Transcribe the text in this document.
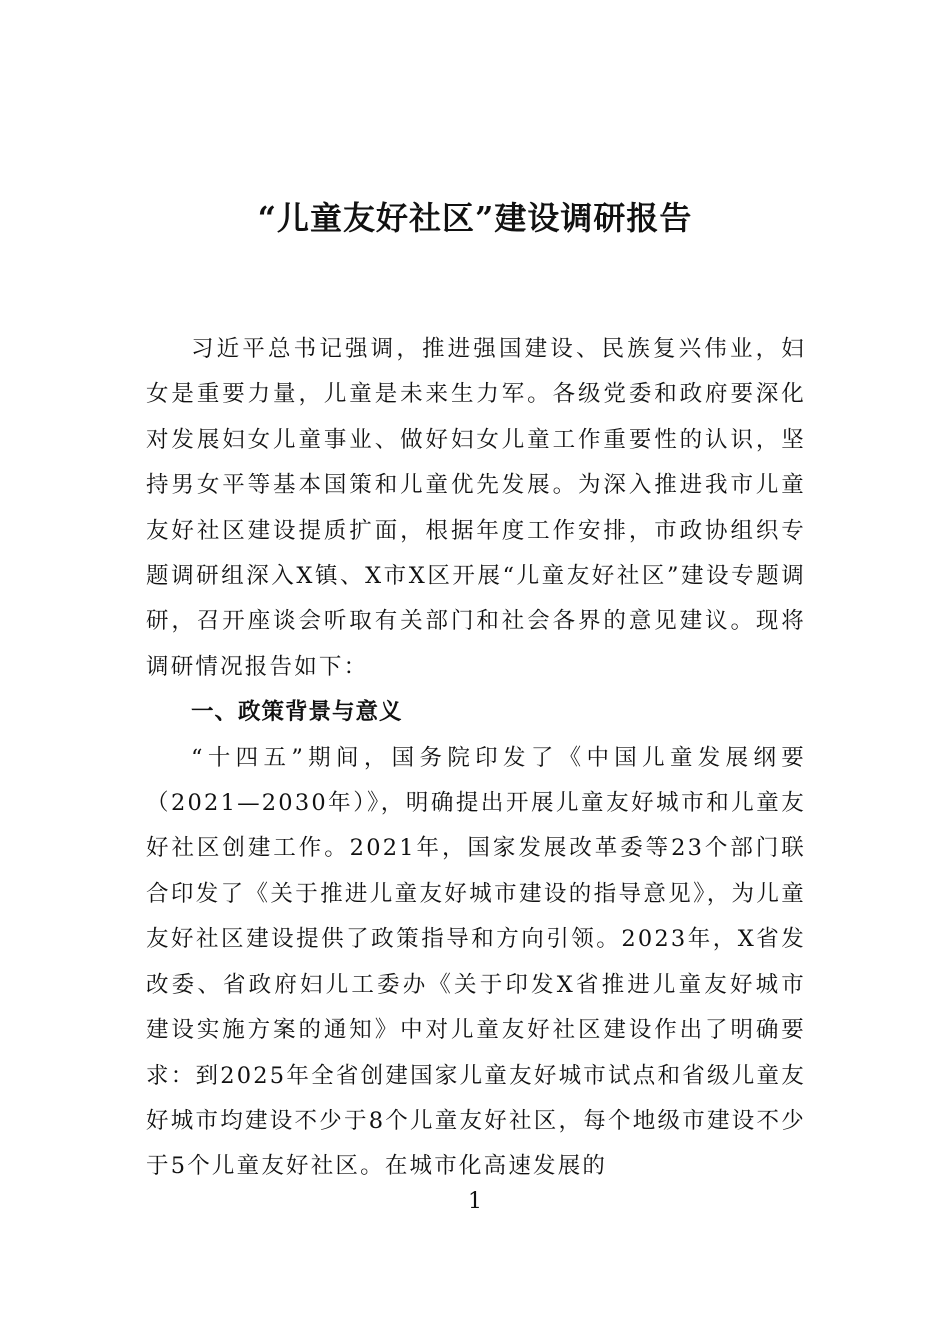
“儿童友好社区”建设调研报告

习近平总书记强调，推进强国建设、民族复兴伟业，妇女是重要力量，儿童是未来生力军。各级党委和政府要深化对发展妇女儿童事业、做好妇女儿童工作重要性的认识，坚持男女平等基本国策和儿童优先发展。为深入推进我市儿童友好社区建设提质扩面，根据年度工作安排，市政协组织专题调研组深入X镇、X市X区开展“儿童友好社区”建设专题调研，召开座谈会听取有关部门和社会各界的意见建议。现将调研情况报告如下：

一、政策背景与意义

“十四五”期间，国务院印发了《中国儿童发展纲要（2021—2030年）》，明确提出开展儿童友好城市和儿童友好社区创建工作。2021年，国家发展改革委等23个部门联合印发了《关于推进儿童友好城市建设的指导意见》，为儿童友好社区建设提供了政策指导和方向引领。2023年，X省发改委、省政府妇儿工委办《关于印发X省推进儿童友好城市建设实施方案的通知》中对儿童友好社区建设作出了明确要求：到2025年全省创建国家儿童友好城市试点和省级儿童友好城市均建设不少于8个儿童友好社区，每个地级市建设不少于5个儿童友好社区。在城市化高速发展的

1
